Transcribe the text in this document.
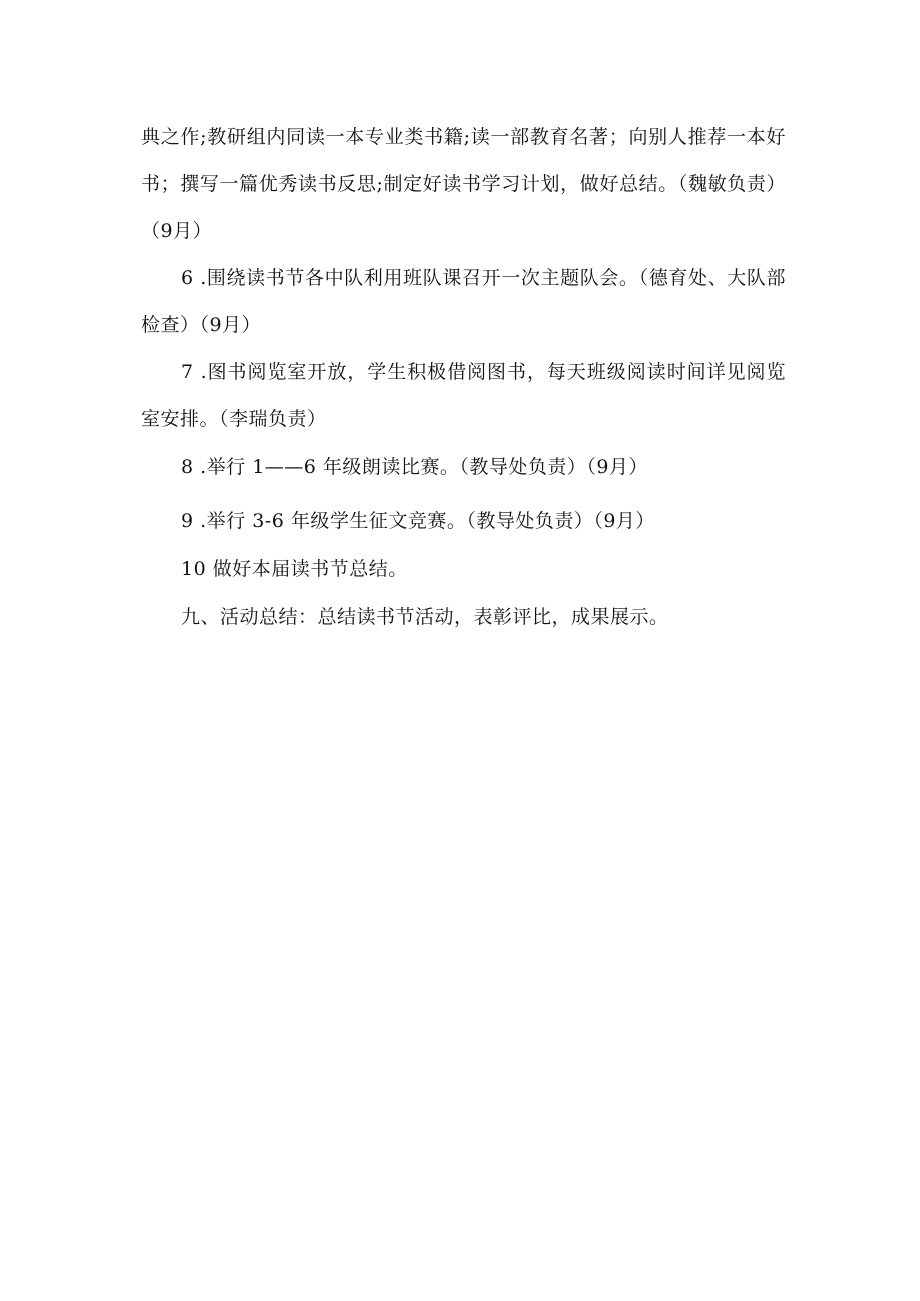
典之作;教研组内同读一本专业类书籍;读一部教育名著；向别人推荐一本好书；撰写一篇优秀读书反思;制定好读书学习计划，做好总结。（魏敏负责）（9月）

6 .围绕读书节各中队利用班队课召开一次主题队会。（德育处、大队部检查）（9月）

7 .图书阅览室开放，学生积极借阅图书，每天班级阅读时间详见阅览室安排。（李瑞负责）

8 .举行 1——6 年级朗读比赛。（教导处负责）（9月）

9 .举行 3-6 年级学生征文竞赛。（教导处负责）（9月）

10 做好本届读书节总结。

九、活动总结：总结读书节活动，表彰评比，成果展示。
